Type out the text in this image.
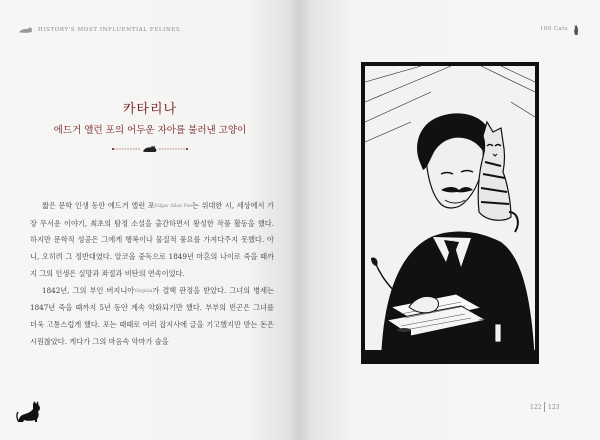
HISTORY'S MOST INFLUENTIAL FELINES
카타리나
에드거 앨런 포의 어두운 자아를 불러낸 고양이

짧은 문학 인생 동안 에드거 앨런 포Edgar Allan Poe는 위대한 시, 세상에서 가장 무서운 이야기, 최초의 탐정 소설을 출간하면서 왕성한 작품 활동을 했다. 하지만 문학적 성공은 그에게 행복이나 물질적 풍요를 가져다주지 못했다. 아니, 오히려 그 정반대였다. 알코올 중독으로 1849년 마흔의 나이로 죽을 때까지 그의 인생은 실망과 좌절과 비탄의 연속이었다.

1842년, 그의 부인 버지니아Virginia가 결핵 판정을 받았다. 그녀의 병세는 1847년 죽을 때까지 5년 동안 계속 악화되기만 했다. 부부의 빈곤은 그녀를 더욱 고통스럽게 했다. 포는 때때로 여러 잡지사에 글을 기고했지만 받는 돈은 시원찮았다. 게다가 그의 마음속 악마가 술을

100 Cats
122 123
